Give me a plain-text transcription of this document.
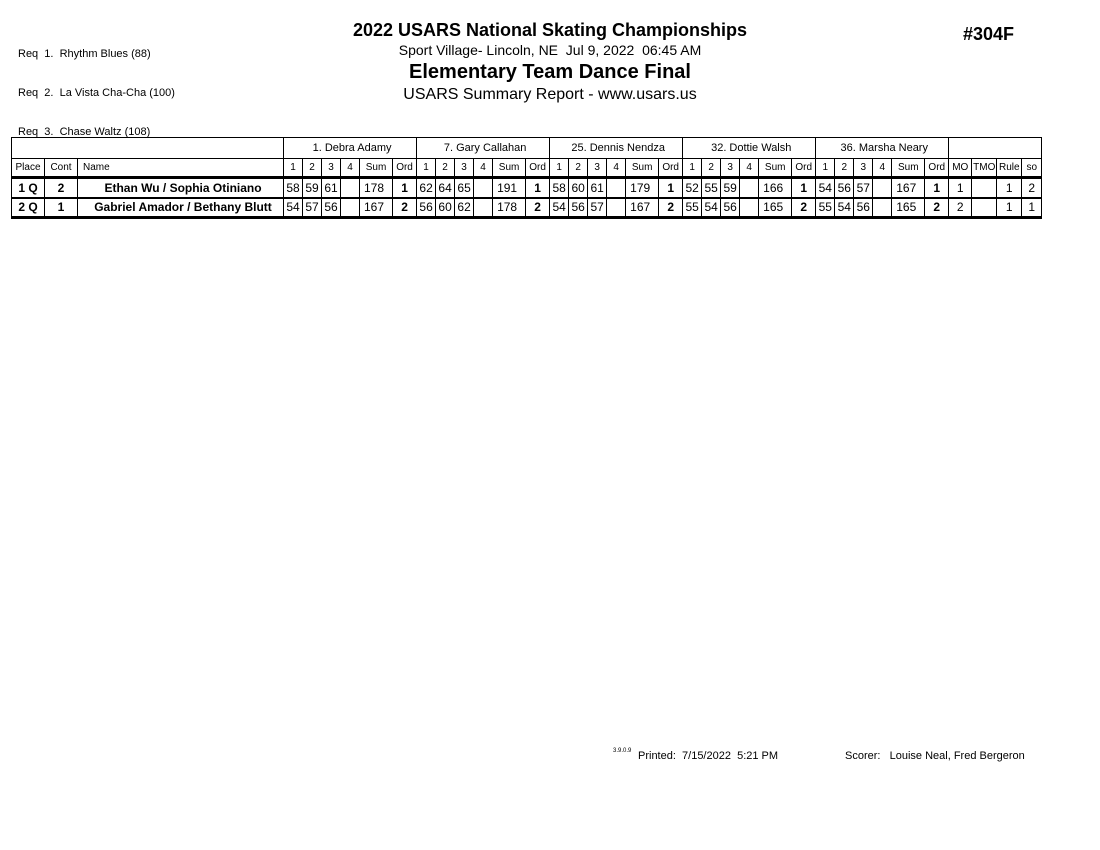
Req  1.  Rhythm Blues (88)

Req  2.  La Vista Cha-Cha (100)

Req  3.  Chase Waltz (108)

2022 USARS National Skating Championships
Sport Village- Lincoln, NE  Jul 9, 2022  06:45 AM
Elementary Team Dance Final
USARS Summary Report - www.usars.us
#304F
			1. Debra Adamy						7. Gary Callahan						25. Dennis Nendza						32. Dottie Walsh						36. Marsha Neary									
Place	Cont	Name	1	2	3	4	Sum	Ord	1	2	3	4	Sum	Ord	1	2	3	4	Sum	Ord	1	2	3	4	Sum	Ord	1	2	3	4	Sum	Ord	MO	TMO	Rule	so
1 Q	2	Ethan Wu / Sophia Otiniano	58	59	61		178	1	62	64	65		191	1	58	60	61		179	1	52	55	59		166	1	54	56	57		167	1	1		1	2
2 Q	1	Gabriel Amador / Bethany Blutt	54	57	56		167	2	56	60	62		178	2	54	56	57		167	2	55	54	56		165	2	55	54	56		165	2	2		1	1
3.9.0.9 Printed:  7/15/2022  5:21 PM	Scorer:   Louise Neal, Fred Bergeron
